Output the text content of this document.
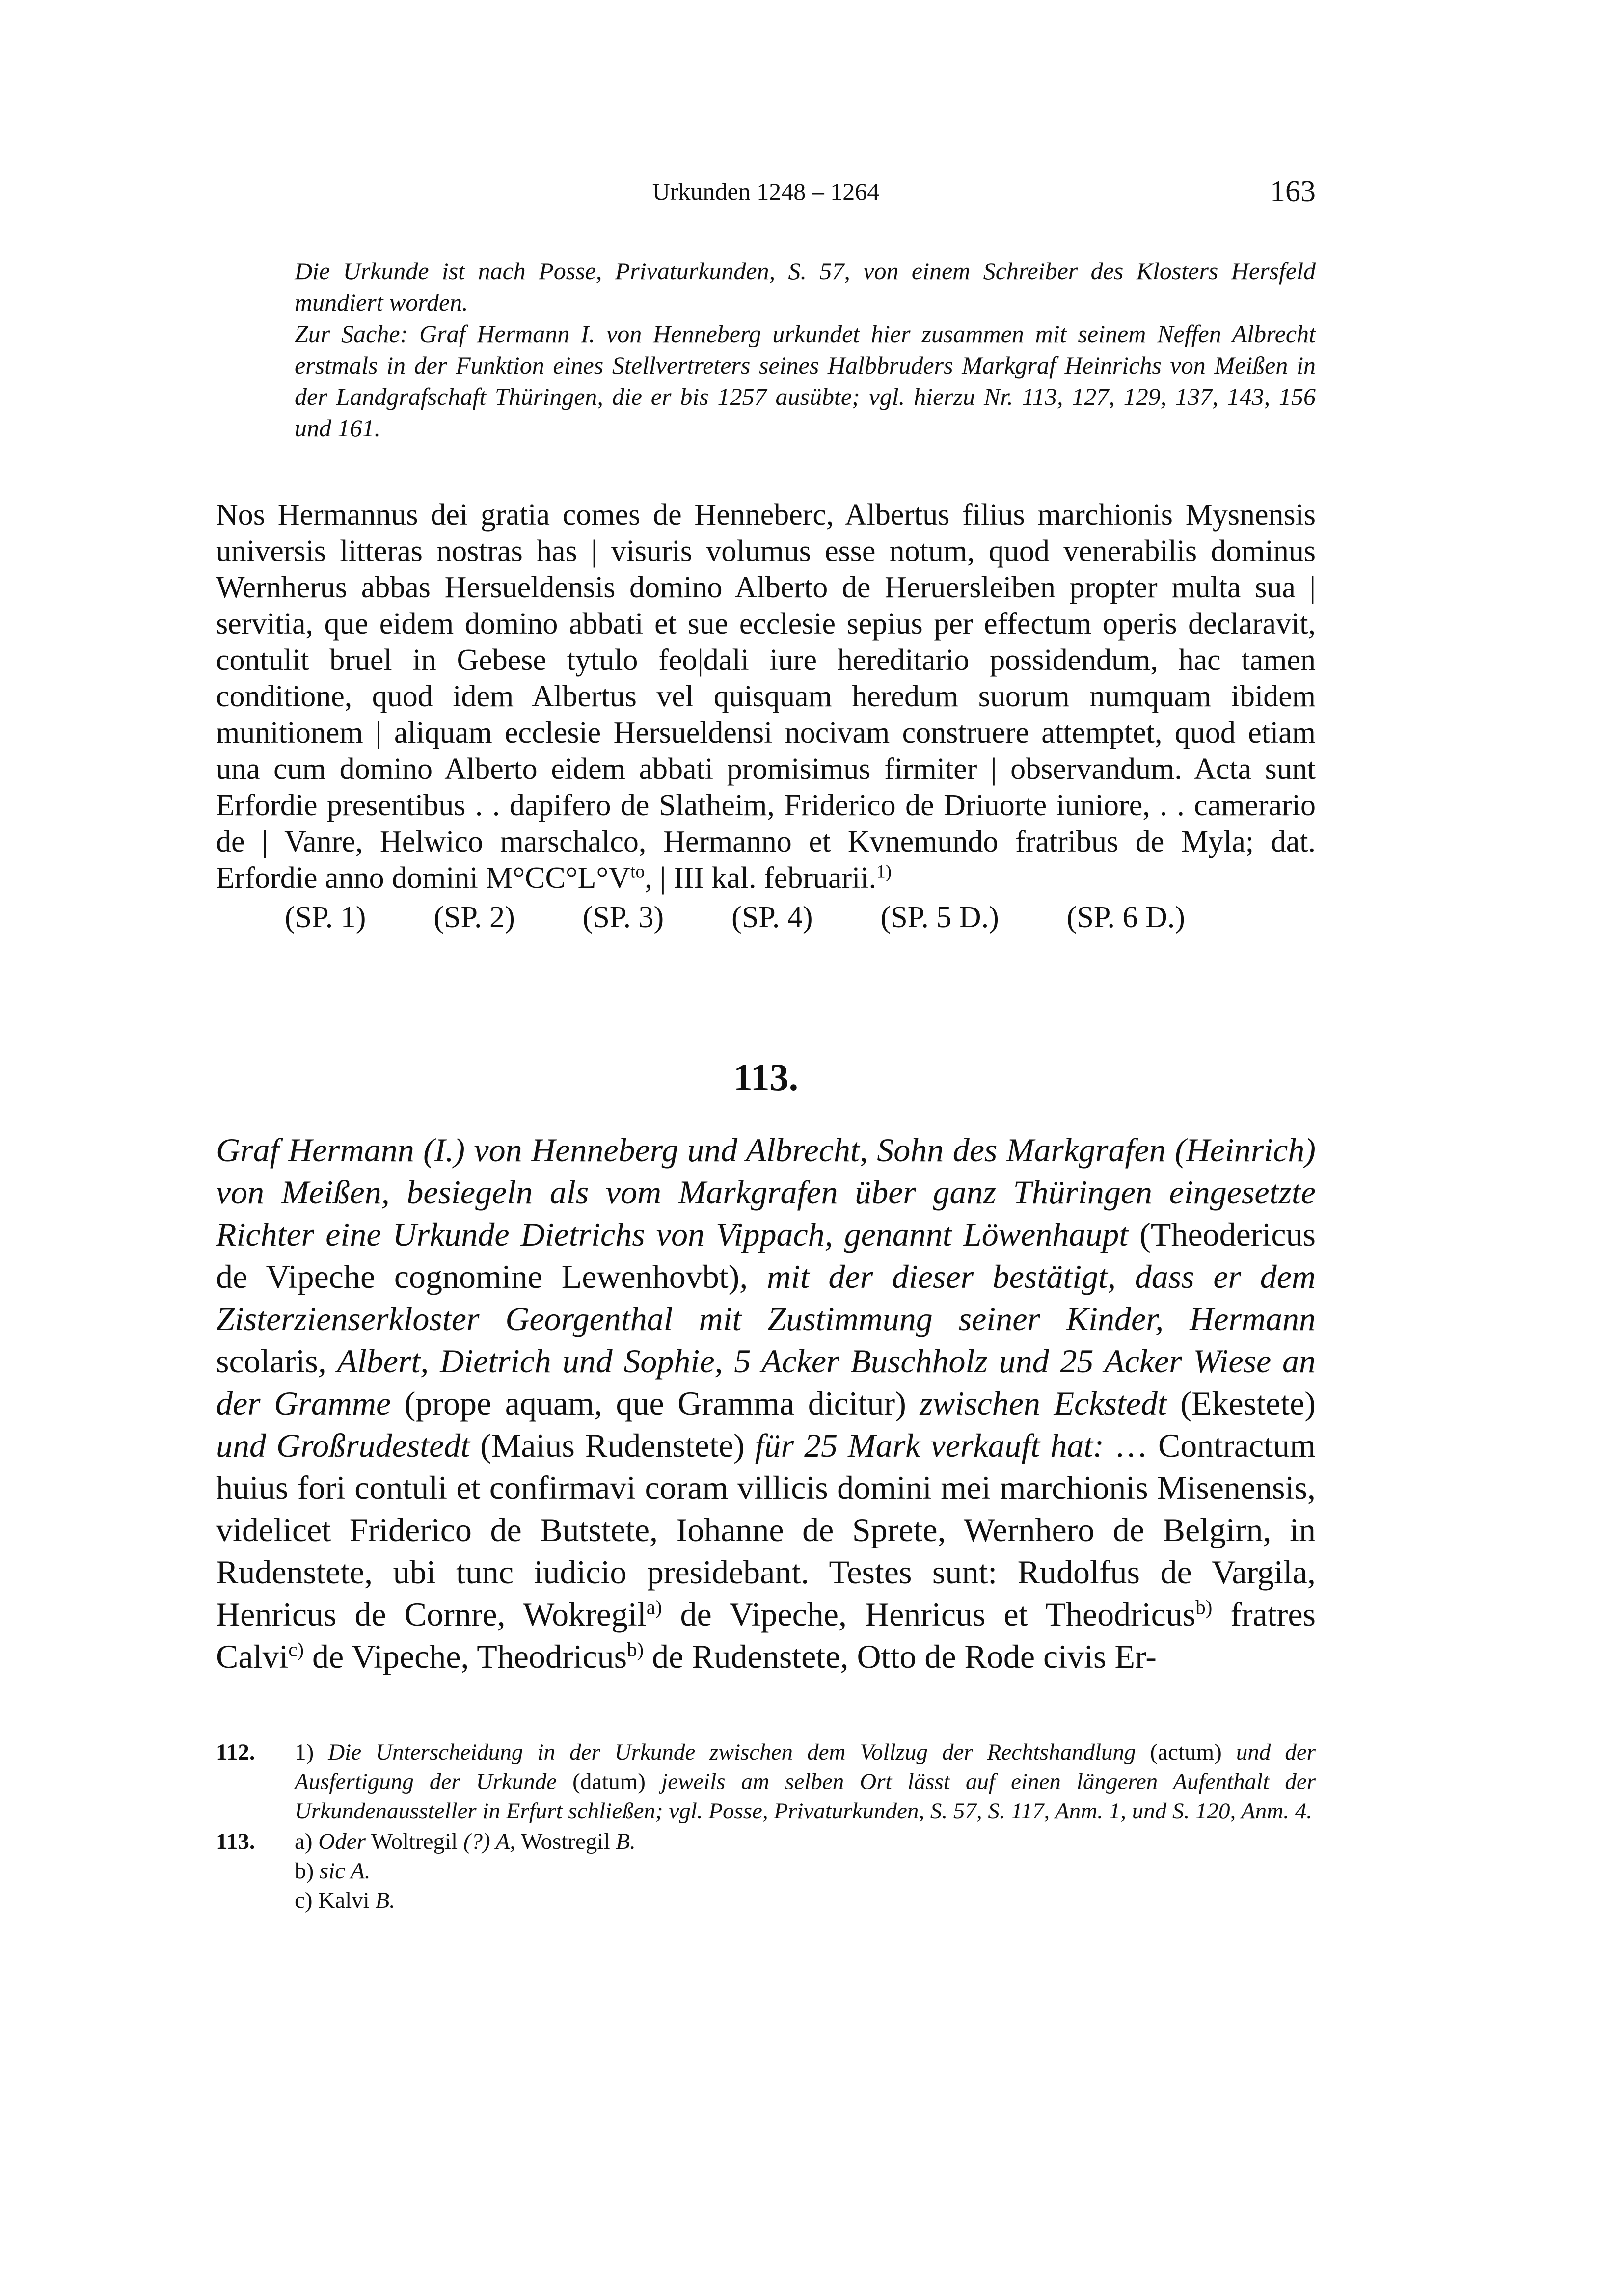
Urkunden 1248 – 1264	163

Die Urkunde ist nach Posse, Privaturkunden, S. 57, von einem Schreiber des Klosters Hersfeld mundiert worden.

Zur Sache: Graf Hermann I. von Henneberg urkundet hier zusammen mit seinem Neffen Albrecht erstmals in der Funktion eines Stellvertreters seines Halbbruders Markgraf Heinrichs von Meißen in der Landgrafschaft Thüringen, die er bis 1257 ausübte; vgl. hierzu Nr. 113, 127, 129, 137, 143, 156 und 161.

Nos Hermannus dei gratia comes de Henneberc, Albertus filius marchionis Mysnensis universis litteras nostras has | visuris volumus esse notum, quod venerabilis dominus Wernherus abbas Hersueldensis domino Alberto de Heruersleiben propter multa sua | servitia, que eidem domino abbati et sue ecclesie sepius per effectum operis declaravit, contulit bruel in Gebese tytulo feo|dali iure hereditario possidendum, hac tamen conditione, quod idem Albertus vel quisquam heredum suorum numquam ibidem munitionem | aliquam ecclesie Hersueldensi nocivam construere attemptet, quod etiam una cum domino Alberto eidem abbati promisimus firmiter | observandum. Acta sunt Erfordie presentibus . . dapifero de Slatheim, Friderico de Driuorte iuniore, . . camerario de | Vanre, Helwico marschalco, Hermanno et Kvnemundo fratribus de Myla; dat. Erfordie anno domini $M^\circ CC^\circ L^\circ V^{to}$, | III kal. februarii.$^{1)}$

(SP. 1) (SP. 2) (SP. 3) (SP. 4) (SP. 5 D.) (SP. 6 D.)
113.

Graf Hermann (I.) von Henneberg und Albrecht, Sohn des Markgrafen (Heinrich) von Meißen, besiegeln als vom Markgrafen über ganz Thüringen eingesetzte Richter eine Urkunde Dietrichs von Vippach, genannt Löwenhaupt (Theodericus de Vipeche cognomine Lewenhovbt), mit der dieser bestätigt, dass er dem Zisterzienserkloster Georgenthal mit Zustimmung seiner Kinder, Hermann scolaris, Albert, Dietrich und Sophie, 5 Acker Buschholz und 25 Acker Wiese an der Gramme (prope aquam, que Gramma dicitur) zwischen Eckstedt (Ekestete) und Großrudestedt (Maius Rudenstete) für 25 Mark verkauft hat: … Contractum huius fori contuli et confirmavi coram villicis domini mei marchionis Misenensis, videlicet Friderico de Butstete, Iohanne de Sprete, Wernhero de Belgirn, in Rudenstete, ubi tunc iudicio presidebant. Testes sunt: Rudolfus de Vargila, Henricus de Cornre, Wokregil$^{a)}$ de Vipeche, Henricus et Theodricus$^{b)}$ fratres Calvi$^{c)}$ de Vipeche, Theodricus$^{b)}$ de Rudenstete, Otto de Rode civis Er-

112.	1) Die Unterscheidung in der Urkunde zwischen dem Vollzug der Rechtshandlung (actum) und der Ausfertigung der Urkunde (datum) jeweils am selben Ort lässt auf einen längeren Aufenthalt der Urkundenaussteller in Erfurt schließen; vgl. Posse, Privaturkunden, S. 57, S. 117, Anm. 1, und S. 120, Anm. 4.
113.	a) Oder Woltregil (?) A, Wostregil B.

b) sic A.

c) Kalvi B.
